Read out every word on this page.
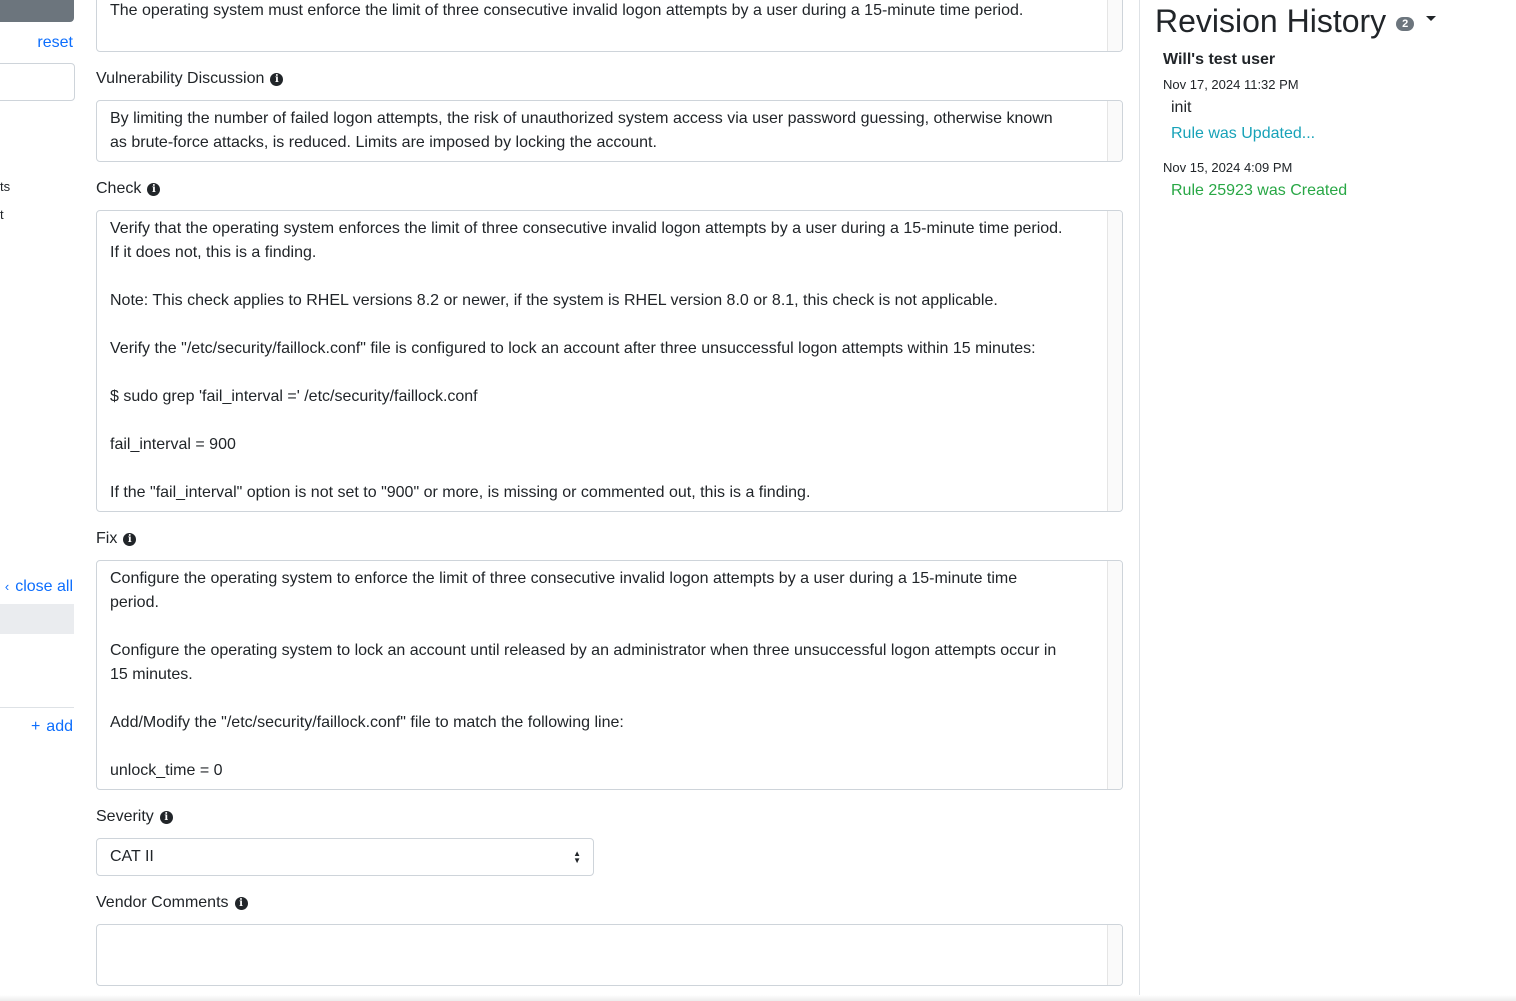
reset
ts
t
‹ close all
+ add
The operating system must enforce the limit of three consecutive invalid logon attempts by a user during a 15-minute time period.
Vulnerability Discussion	i
By limiting the number of failed logon attempts, the risk of unauthorized system access via user password guessing, otherwise known
as brute-force attacks, is reduced. Limits are imposed by locking the account.
Check	i
Verify that the operating system enforces the limit of three consecutive invalid logon attempts by a user during a 15-minute time period.
If it does not, this is a finding.

Note: This check applies to RHEL versions 8.2 or newer, if the system is RHEL version 8.0 or 8.1, this check is not applicable.

Verify the "/etc/security/faillock.conf" file is configured to lock an account after three unsuccessful logon attempts within 15 minutes:

$ sudo grep 'fail_interval =' /etc/security/faillock.conf

fail_interval = 900

If the "fail_interval" option is not set to "900" or more, is missing or commented out, this is a finding.
Fix	i
Configure the operating system to enforce the limit of three consecutive invalid logon attempts by a user during a 15-minute time
period.

Configure the operating system to lock an account until released by an administrator when three unsuccessful logon attempts occur in
15 minutes.

Add/Modify the "/etc/security/faillock.conf" file to match the following line:

unlock_time = 0
Severity	i
CAT II	▲
▼
Vendor Comments	i
Revision History	2
Will's test user
Nov 17, 2024 11:32 PM
init
Rule was Updated...
Nov 15, 2024 4:09 PM
Rule 25923 was Created
